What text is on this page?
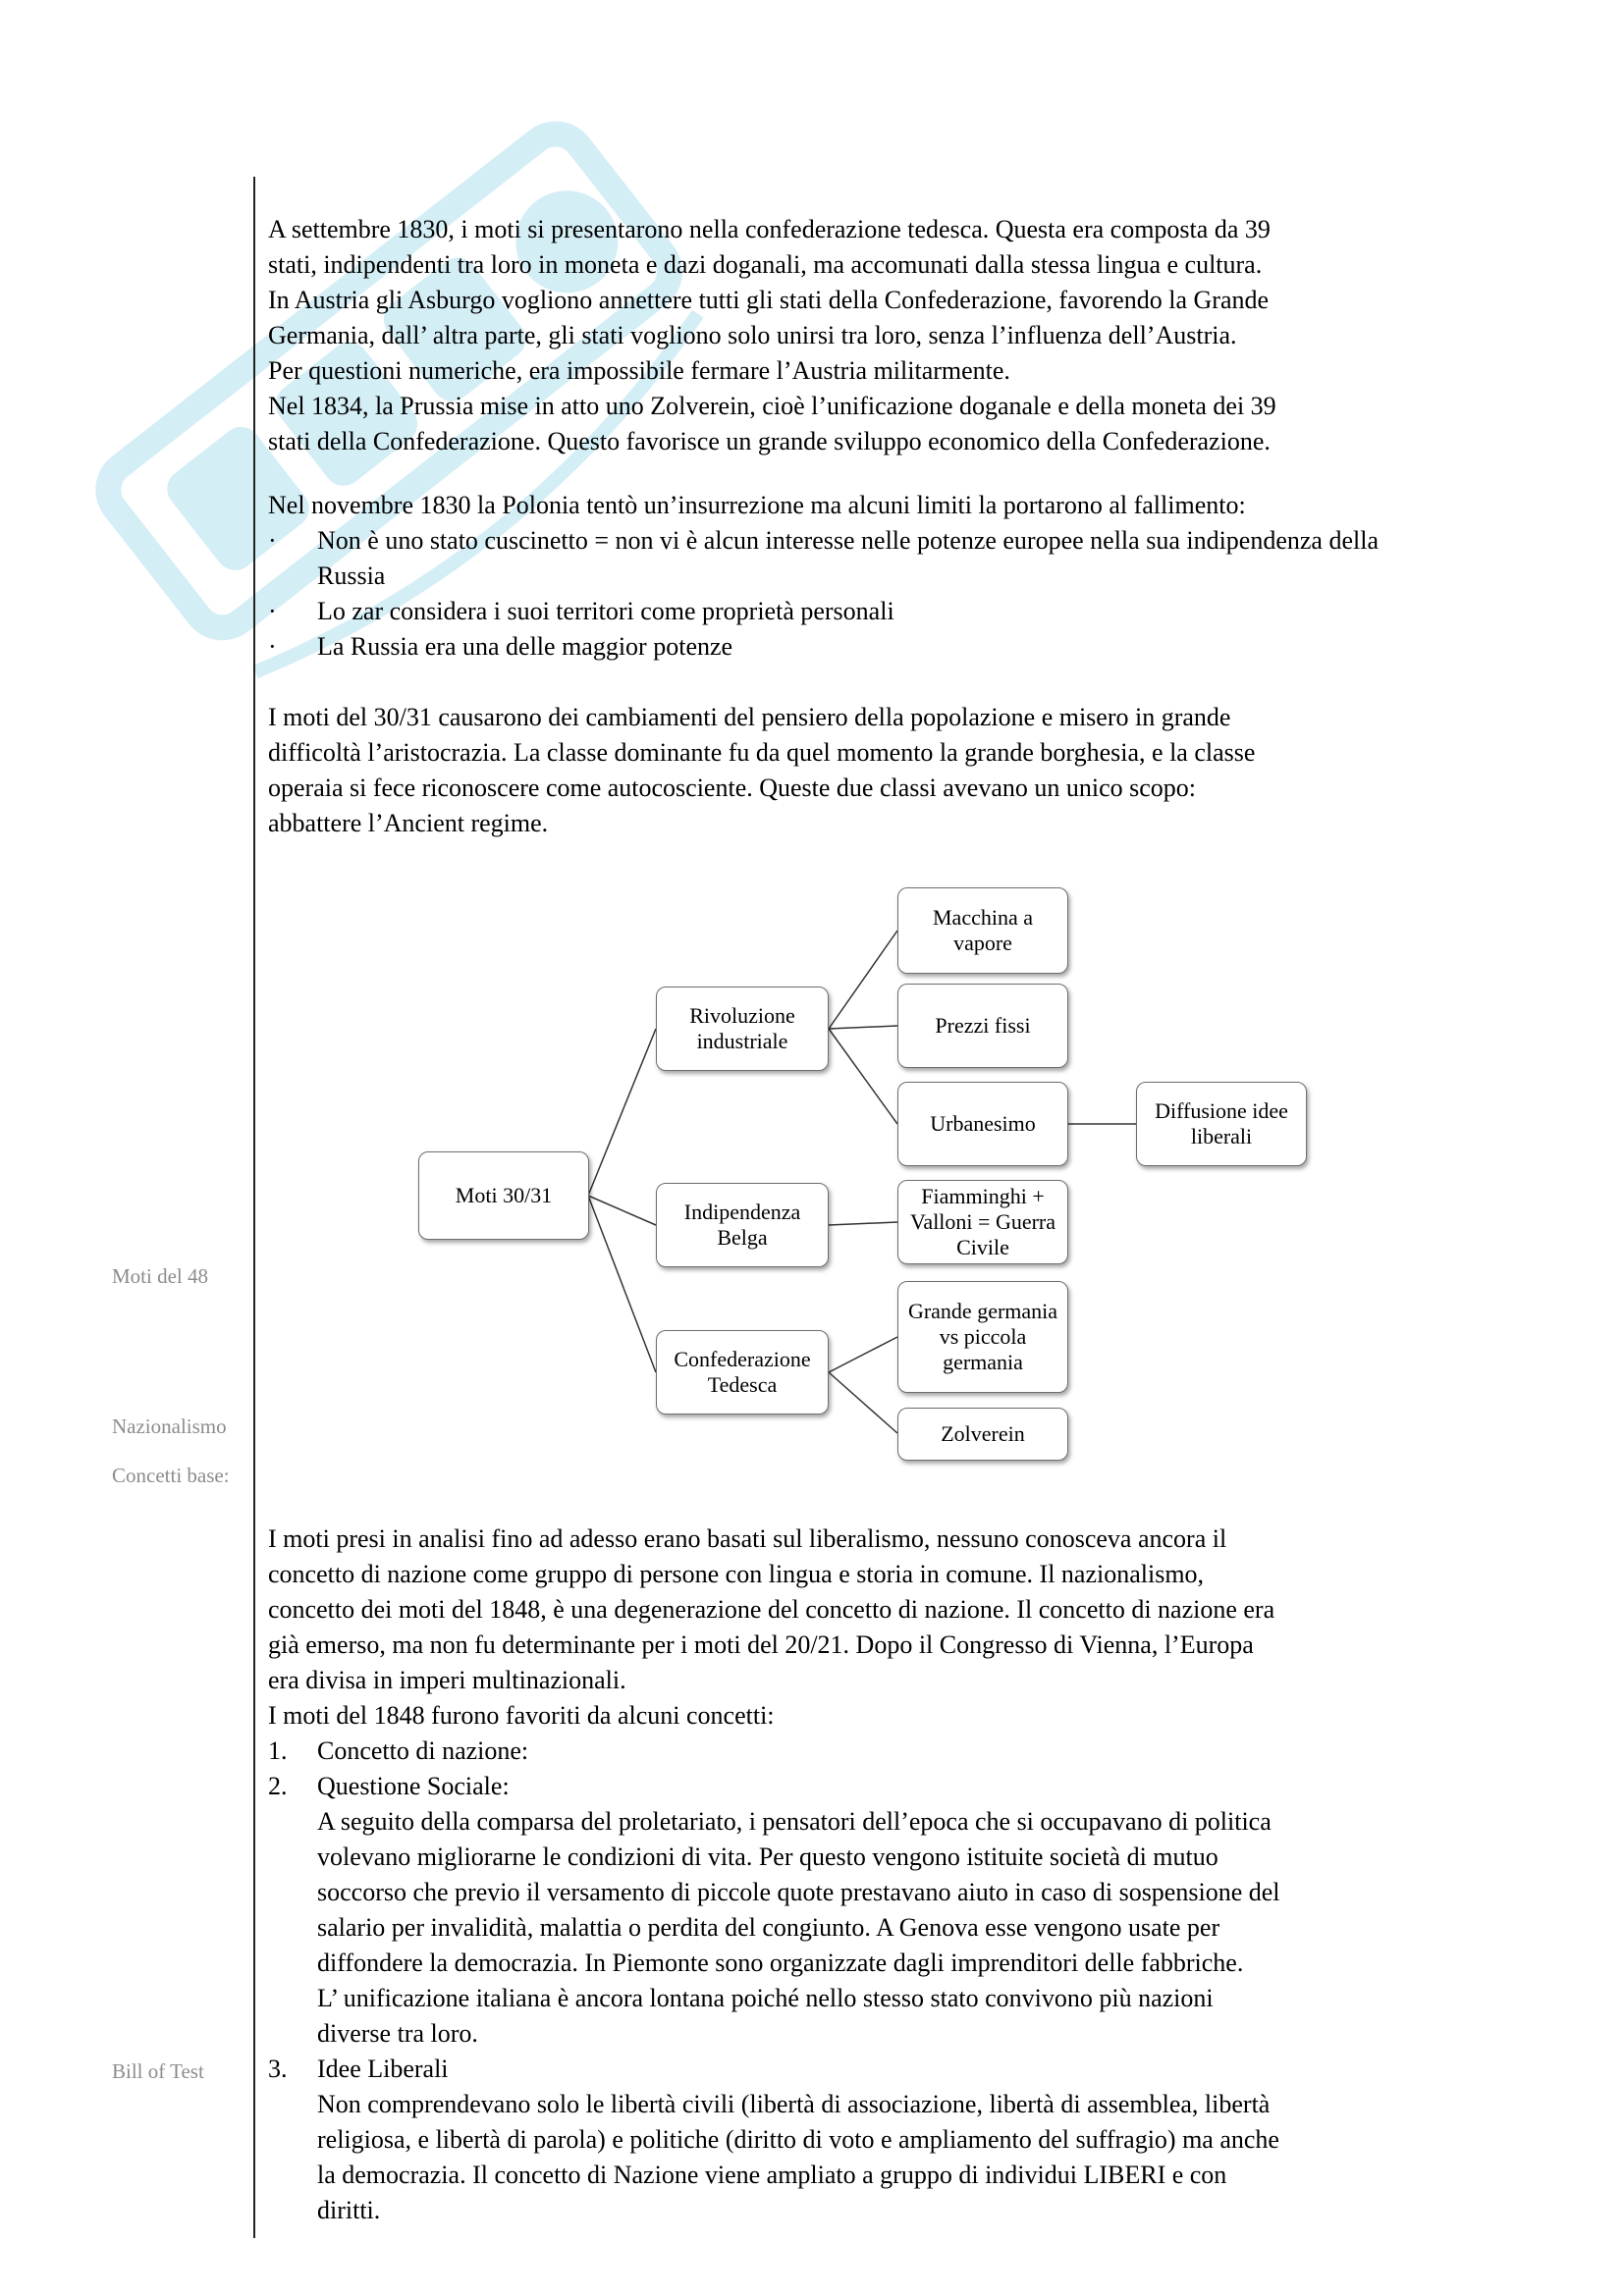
Moti del 48
Nazionalismo
Concetti base:
Bill of Test

A settembre 1830, i moti si presentarono nella confederazione tedesca. Questa era composta da 39

stati, indipendenti tra loro in moneta e dazi doganali, ma accomunati dalla stessa lingua e cultura.

In Austria gli Asburgo vogliono annettere tutti gli stati della Confederazione, favorendo la Grande

Germania, dall’ altra parte, gli stati vogliono solo unirsi tra loro, senza l’influenza dell’Austria.

Per questioni numeriche, era impossibile fermare l’Austria militarmente.

Nel 1834, la Prussia mise in atto uno Zolverein, cioè l’unificazione doganale e della moneta dei 39

stati della Confederazione. Questo favorisce un grande sviluppo economico della Confederazione.

Nel novembre 1830 la Polonia tentò un’insurrezione ma alcuni limiti la portarono al fallimento:

·	Non è uno stato cuscinetto = non vi è alcun interesse nelle potenze europee nella sua indipendenza della Russia
·	Lo zar considera i suoi territori come proprietà personali
·	La Russia era una delle maggior potenze

I moti del 30/31 causarono dei cambiamenti del pensiero della popolazione e misero in grande

difficoltà l’aristocrazia. La classe dominante fu da quel momento la grande borghesia, e la classe

operaia si fece riconoscere come autocosciente. Queste due classi avevano un unico scopo:

abbattere l’Ancient regime.

Moti 30/31
Rivoluzione industriale
Macchina a vapore
Prezzi fissi
Urbanesimo
Diffusione idee liberali
Indipendenza Belga
Fiamminghi + Valloni = Guerra Civile
Confederazione Tedesca
Grande germania vs piccola germania
Zolverein

I moti presi in analisi fino ad adesso erano basati sul liberalismo, nessuno conosceva ancora il

concetto di nazione come gruppo di persone con lingua e storia in comune. Il nazionalismo,

concetto dei moti del 1848, è una degenerazione del concetto di nazione. Il concetto di nazione era

già emerso, ma non fu determinante per i moti del 20/21. Dopo il Congresso di Vienna, l’Europa

era divisa in imperi multinazionali.

I moti del 1848 furono favoriti da alcuni concetti:

1.	Concetto di nazione:

2.	Questione Sociale:

A seguito della comparsa del proletariato, i pensatori dell’epoca che si occupavano di politica

volevano migliorarne le condizioni di vita. Per questo vengono istituite società di mutuo

soccorso che previo il versamento di piccole quote prestavano aiuto in caso di sospensione del

salario per invalidità, malattia o perdita del congiunto. A Genova esse vengono usate per

diffondere la democrazia. In Piemonte sono organizzate dagli imprenditori delle fabbriche.

L’ unificazione italiana è ancora lontana poiché nello stesso stato convivono più nazioni

diverse tra loro.

3.	Idee Liberali

Non comprendevano solo le libertà civili (libertà di associazione, libertà di assemblea, libertà

religiosa, e libertà di parola) e politiche (diritto di voto e ampliamento del suffragio) ma anche

la democrazia. Il concetto di Nazione viene ampliato a gruppo di individui LIBERI e con

diritti.
